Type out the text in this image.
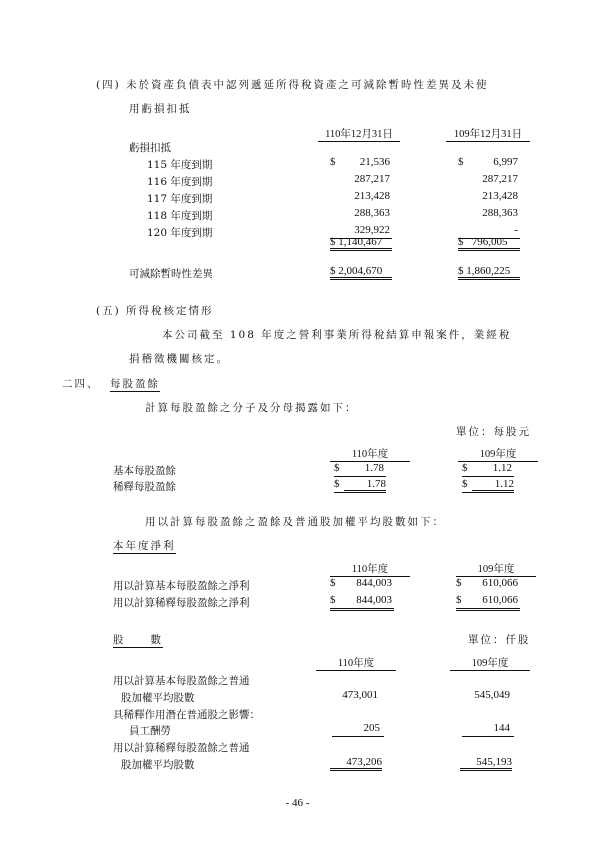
(四) 未於資產負債表中認列遞延所得稅資產之可減除暫時性差異及未使
用虧損扣抵
110年12月31日	109年12月31日
虧損扣抵
115 年度到期	$	21,536	$	6,997
116 年度到期	287,217	287,217
117 年度到期	213,428	213,428
118 年度到期	288,363	288,363
120 年度到期	329,922	-
$ 1,140,467	$   796,005
可減除暫時性差異	$ 2,004,670	$ 1,860,225
(五) 所得稅核定情形
本公司截至 108 年度之營利事業所得稅結算申報案件，業經稅
捐稽徵機關核定。
二四、 每股盈餘
計算每股盈餘之分子及分母揭露如下：
單位：每股元
110年度	109年度
基本每股盈餘	$	1.78	$	1.12
稀釋每股盈餘	$	1.78	$	1.12
用以計算每股盈餘之盈餘及普通股加權平均股數如下：
本年度淨利
110年度	109年度
用以計算基本每股盈餘之淨利	$	844,003	$	610,066
用以計算稀釋每股盈餘之淨利	$	844,003	$	610,066
股　　數	單位：仟股
110年度	109年度
用以計算基本每股盈餘之普通
股加權平均股數	473,001	545,049
具稀釋作用潛在普通股之影響：
員工酬勞	205	144
用以計算稀釋每股盈餘之普通
股加權平均股數	473,206	545,193
- 46 -
